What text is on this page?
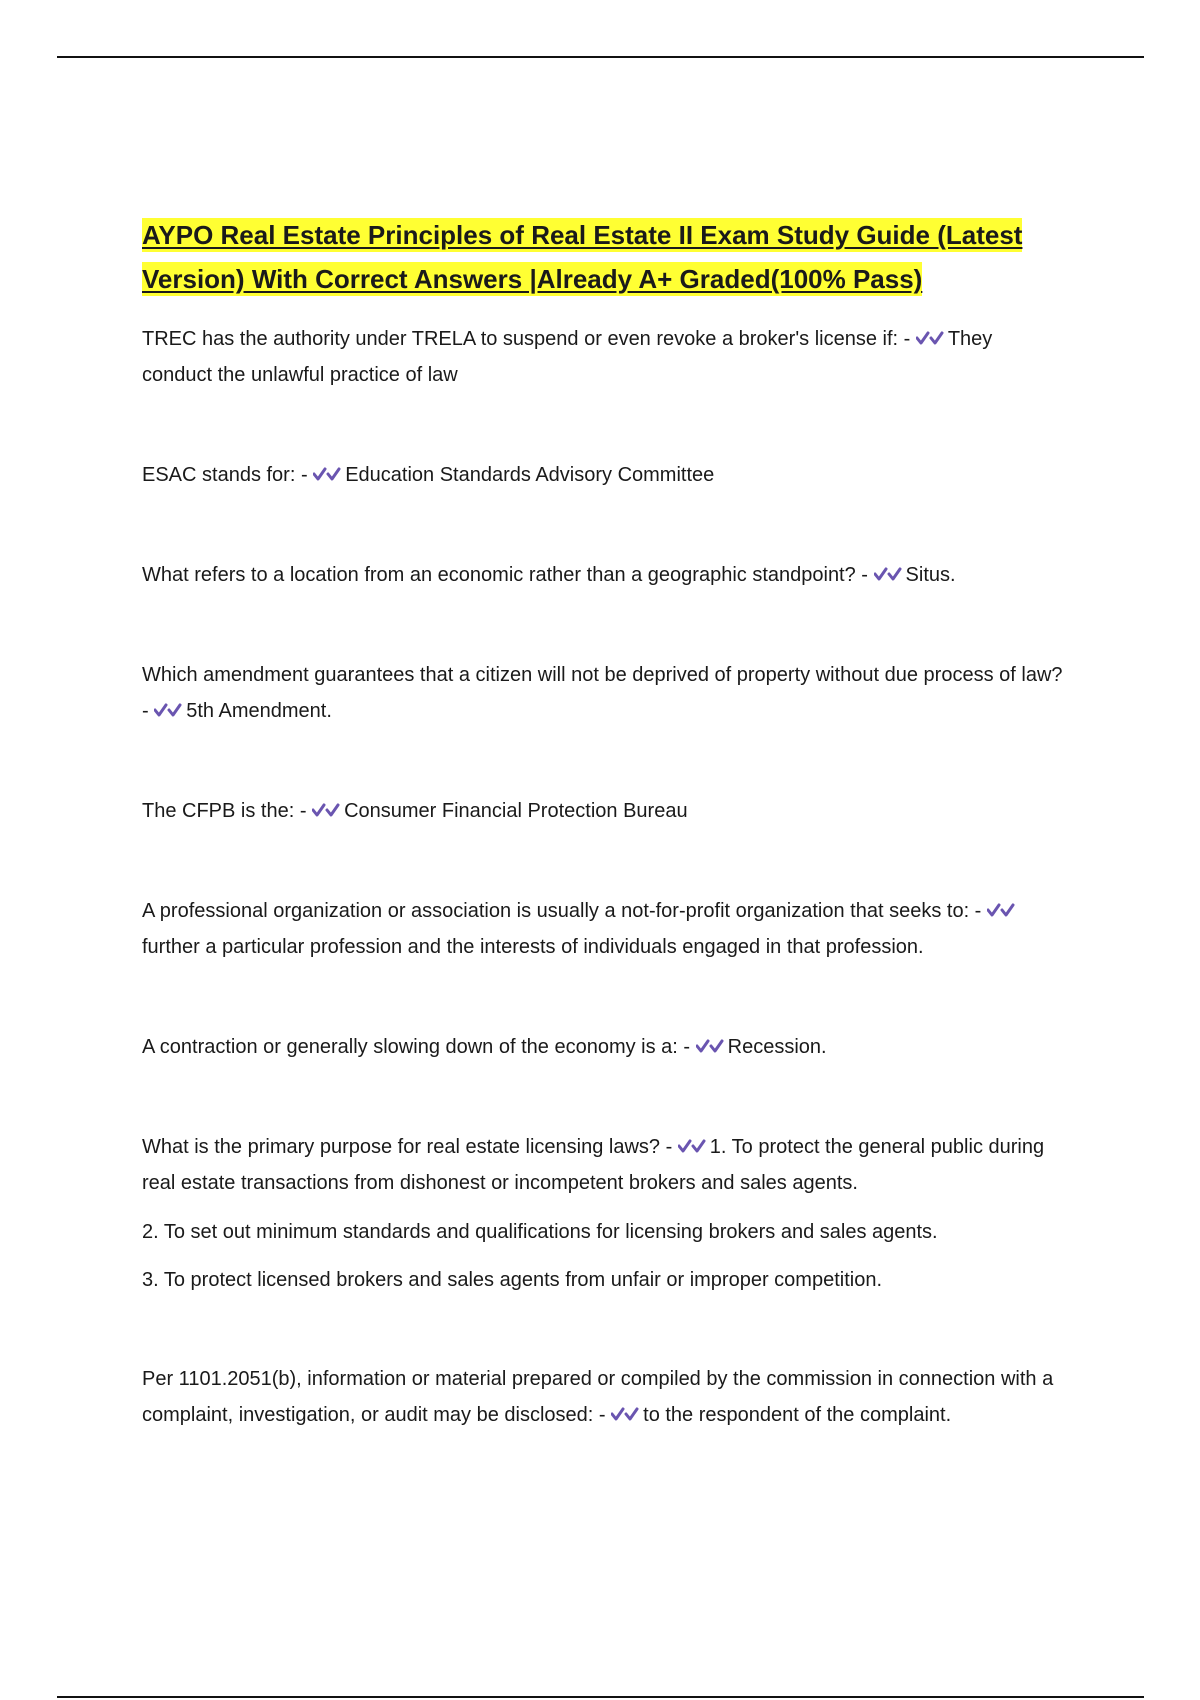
AYPO Real Estate Principles of Real Estate II Exam Study Guide (Latest Version) With Correct Answers |Already A+ Graded(100% Pass)

TREC has the authority under TRELA to suspend or even revoke a broker's license if: - They conduct the unlawful practice of law

ESAC stands for: - Education Standards Advisory Committee

What refers to a location from an economic rather than a geographic standpoint? - Situs.

Which amendment guarantees that a citizen will not be deprived of property without due process of law? - 5th Amendment.

The CFPB is the: - Consumer Financial Protection Bureau

A professional organization or association is usually a not-for-profit organization that seeks to: -
further a particular profession and the interests of individuals engaged in that profession.

A contraction or generally slowing down of the economy is a: - Recession.

What is the primary purpose for real estate licensing laws? - 1. To protect the general public during real estate transactions from dishonest or incompetent brokers and sales agents.

2. To set out minimum standards and qualifications for licensing brokers and sales agents.

3. To protect licensed brokers and sales agents from unfair or improper competition.

Per 1101.2051(b), information or material prepared or compiled by the commission in connection with a complaint, investigation, or audit may be disclosed: - to the respondent of the complaint.
